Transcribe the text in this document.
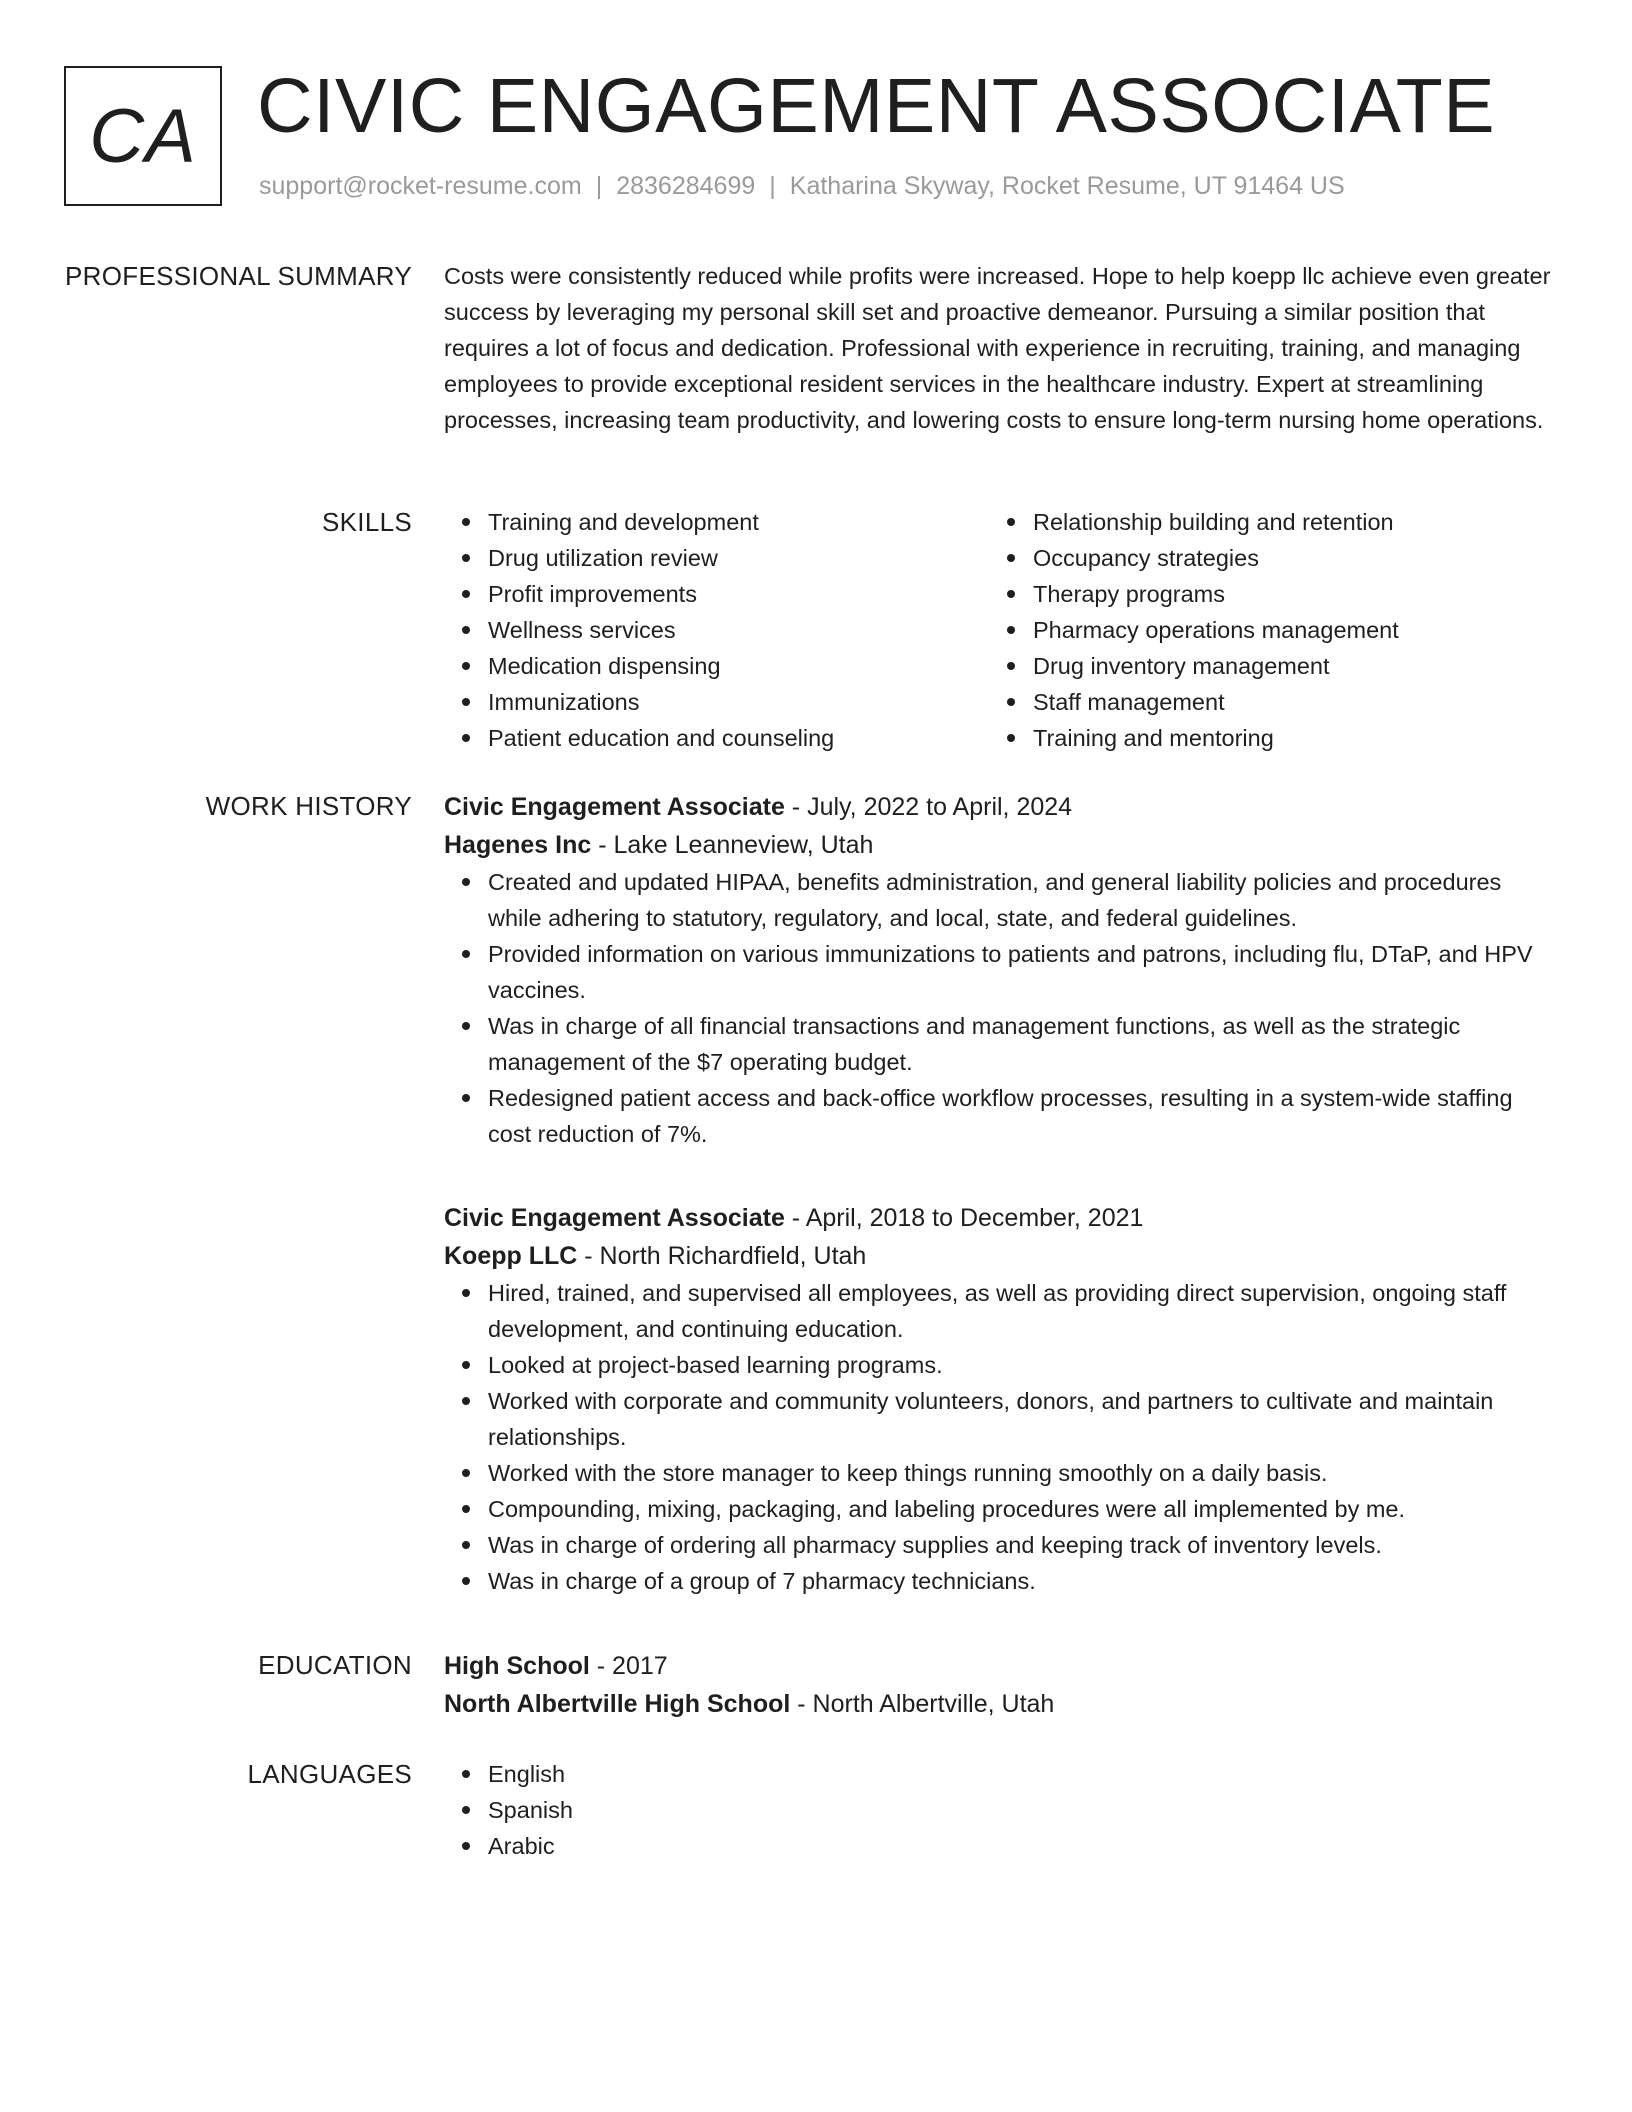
CA CIVIC ENGAGEMENT ASSOCIATE
support@rocket-resume.com | 2836284699 | Katharina Skyway, Rocket Resume, UT 91464 US
PROFESSIONAL SUMMARY Costs were consistently reduced while profits were increased. Hope to help koepp llc achieve even greater success by leveraging my personal skill set and proactive demeanor. Pursuing a similar position that requires a lot of focus and dedication. Professional with experience in recruiting, training, and managing employees to provide exceptional resident services in the healthcare industry. Expert at streamlining processes, increasing team productivity, and lowering costs to ensure long-term nursing home operations.

SKILLS	Training and development
Drug utilization review
Profit improvements
Wellness services
Medication dispensing
Immunizations
Patient education and counseling
Relationship building and retention
Occupancy strategies
Therapy programs
Pharmacy operations management
Drug inventory management
Staff management
Training and mentoring
WORK HISTORY Civic Engagement Associate - July, 2022 to April, 2024
Hagenes Inc - Lake Leanneview, Utah
Created and updated HIPAA, benefits administration, and general liability policies and procedures while adhering to statutory, regulatory, and local, state, and federal guidelines.
Provided information on various immunizations to patients and patrons, including flu, DTaP, and HPV vaccines.
Was in charge of all financial transactions and management functions, as well as the strategic management of the $7 operating budget.
Redesigned patient access and back-office workflow processes, resulting in a system-wide staffing cost reduction of 7%.
Civic Engagement Associate - April, 2018 to December, 2021
Koepp LLC - North Richardfield, Utah
Hired, trained, and supervised all employees, as well as providing direct supervision, ongoing staff development, and continuing education.
Looked at project-based learning programs.
Worked with corporate and community volunteers, donors, and partners to cultivate and maintain relationships.
Worked with the store manager to keep things running smoothly on a daily basis.
Compounding, mixing, packaging, and labeling procedures were all implemented by me.
Was in charge of ordering all pharmacy supplies and keeping track of inventory levels.
Was in charge of a group of 7 pharmacy technicians.
EDUCATION High School - 2017
North Albertville High School - North Albertville, Utah
LANGUAGES	English
Spanish
Arabic
